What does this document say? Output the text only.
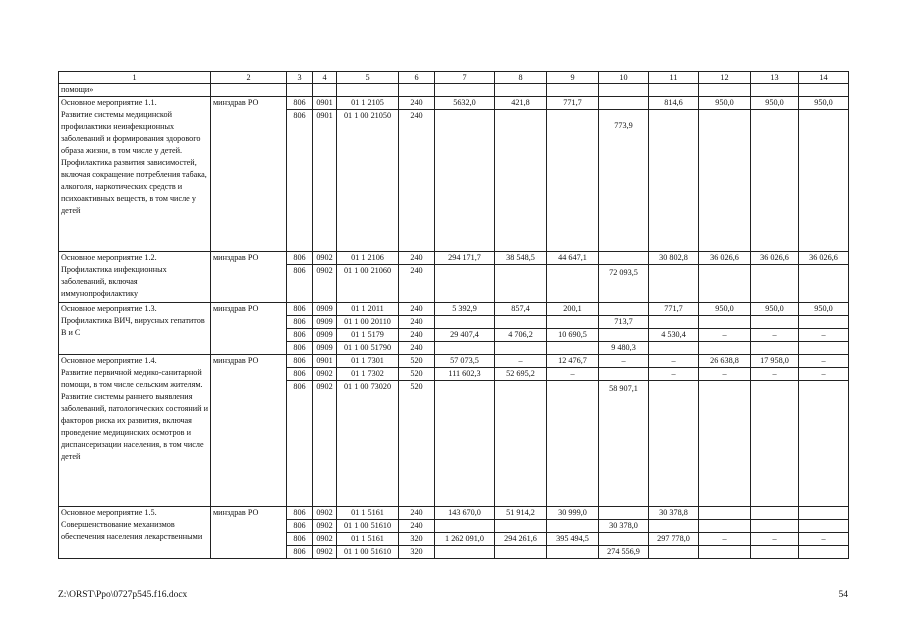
1	2	3	4	5	6	7	8	9	10	11	12	13	14
помощи»													
Основное мероприятие 1.1.
Развитие системы медицинской профилактики неинфекционных заболеваний и формирования здорового образа жизни, в том числе у детей. Профилактика развития зависимостей, включая сокращение потребления табака, алкоголя, наркотических средств и психоактивных веществ, в том числе у детей	минздрав РО	806	0901	01 1 2105	240	5632,0	421,8	771,7		814,6	950,0	950,0	950,0
		806	0901	01 1 00 21050	240				773,9				

Основное мероприятие 1.2.
Профилактика инфекционных заболеваний, включая иммунопрофилактику	минздрав РО	806	0902	01 1 2106	240	294 171,7	38 548,5	44 647,1		30 802,8	36 026,6	36 026,6	36 026,6
		806	0902	01 1 00 21060	240				72 093,5				

Основное мероприятие 1.3.
Профилактика ВИЧ, вирусных гепатитов В и С	минздрав РО	806	0909	01 1 2011	240	5 392,9	857,4	200,1		771,7	950,0	950,0	950,0
		806	0909	01 1 00 20110	240				713,7				
		806	0909	01 1 5179	240	29 407,4	4 706,2	10 690,5		4 530,4	–	–	–
		806	0909	01 1 00 51790	240				9 480,3				
Основное мероприятие 1.4.
Развитие первичной медико-санитарной помощи, в том числе сельским жителям. Развитие системы раннего выявления заболеваний, патологических состояний и факторов риска их развития, включая проведение медицинских осмотров и диспансеризации населения, в том числе детей	минздрав РО	806	0901	01 1 7301	520	57 073,5	–	12 476,7	–	–	26 638,8	17 958,0	–
		806	0902	01 1 7302	520	111 602,3	52 695,2	–		–	–	–	–
		806	0902	01 1 00 73020	520				58 907,1				

Основное мероприятие 1.5.
Совершенствование механизмов обеспечения населения лекарственными	минздрав РО	806	0902	01 1 5161	240	143 670,0	51 914,2	30 999,0		30 378,8			
		806	0902	01 1 00 51610	240				30 378,0				
		806	0902	01 1 5161	320	1 262 091,0	294 261,6	395 494,5		297 778,0	–	–	–
		806	0902	01 1 00 51610	320				274 556,9				
Z:\ORST\Ppo\0727p545.f16.docx	54
